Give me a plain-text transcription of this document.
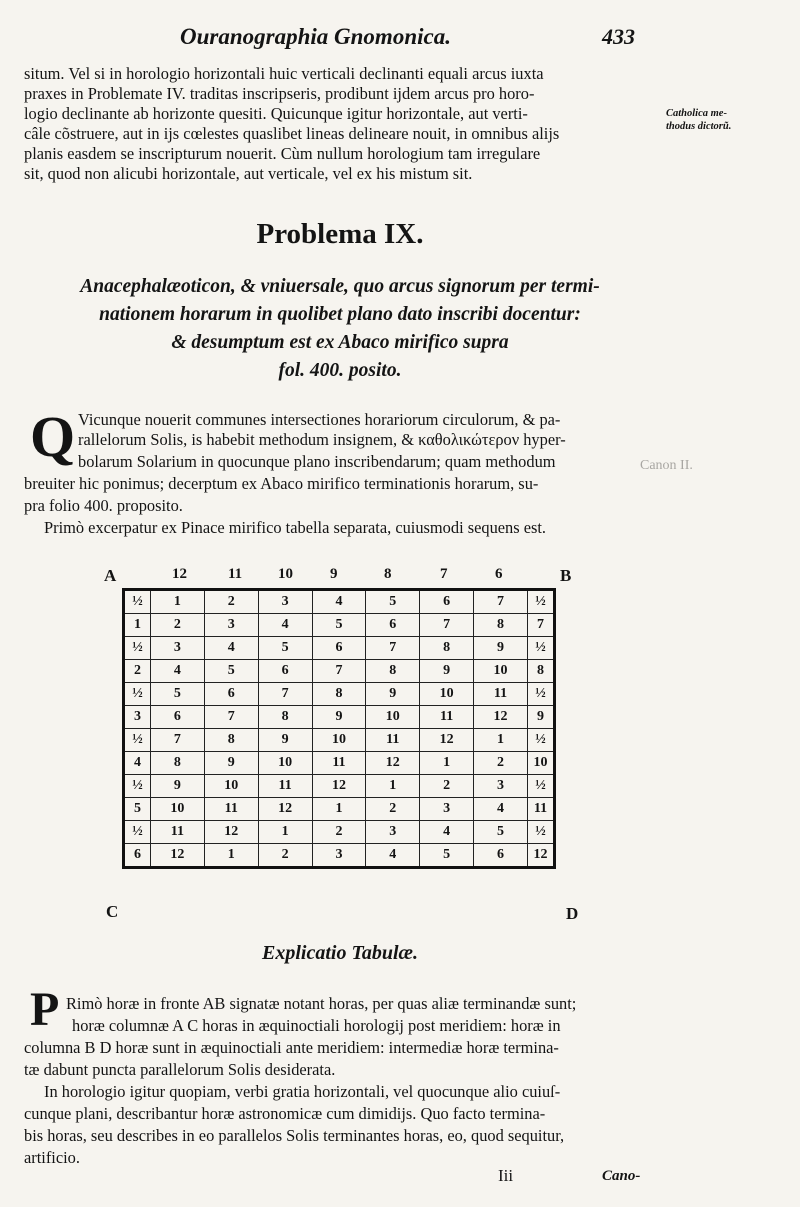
Ouranographia Gnomonica.	433
situm. Vel si in horologio horizontali huic verticali declinanti equali arcus iuxta
praxes in Problemate IV. traditas inscripseris, prodibunt ijdem arcus pro horo-
logio declinante ab horizonte quesiti. Quicunque igitur horizontale, aut verti-
câle cõstruere, aut in ijs cœlestes quaslibet lineas delineare nouit, in omnibus alijs
planis easdem se inscripturum nouerit. Cùm nullum horologium tam irregulare
sit, quod non alicubi horizontale, aut verticale, vel ex his mistum sit.
Catholica me-
thodus dictorũ.
Problema IX.
Anacephalæoticon, & vniuersale, quo arcus signorum per termi-
nationem horarum in quolibet plano dato inscribi docentur:
& desumptum est ex Abaco mirifico supra
fol. 400. posito.
Q Vicunque nouerit communes intersectiones horariorum circulorum, & pa-
rallelorum Solis, is habebit methodum insignem, & καθολικώτερον hyper-
bolarum Solarium in quocunque plano inscribendarum; quam methodum
breuiter hic ponimus; decerptum ex Abaco mirifico terminationis horarum, su-
pra folio 400. proposito.
Primò excerpatur ex Pinace mirifico tabella separata, cuiusmodi sequens est.
Canon II.
A	B
C	D
12	11 10 9	8	7	6
½	1	2	3	4	5	6	7	½
1	2	3	4	5	6	7	8	7
½	3	4	5	6	7	8	9	½
2	4	5	6	7	8	9	10	8
½	5	6	7	8	9	10	11	½
3	6	7	8	9	10	11	12	9
½	7	8	9	10	11	12	1	½
4	8	9	10	11	12	1	2	10
½	9	10	11	12	1	2	3	½
5	10	11	12	1	2	3	4	11
½	11	12	1	2	3	4	5	½
6	12	1	2	3	4	5	6	12
Explicatio Tabulæ.
P Rimò horæ in fronte AB signatæ notant horas, per quas aliæ terminandæ sunt;
horæ columnæ A C horas in æquinoctiali horologij post meridiem: horæ in
columna B D horæ sunt in æquinoctiali ante meridiem: intermediæ horæ termina-
tæ dabunt puncta parallelorum Solis desiderata.
In horologio igitur quopiam, verbi gratia horizontali, vel quocunque alio cuiuſ-
cunque plani, describantur horæ astronomicæ cum dimidijs. Quo facto termina-
bis horas, seu describes in eo parallelos Solis terminantes horas, eo, quod sequitur,
artificio.
Iii	Cano-
